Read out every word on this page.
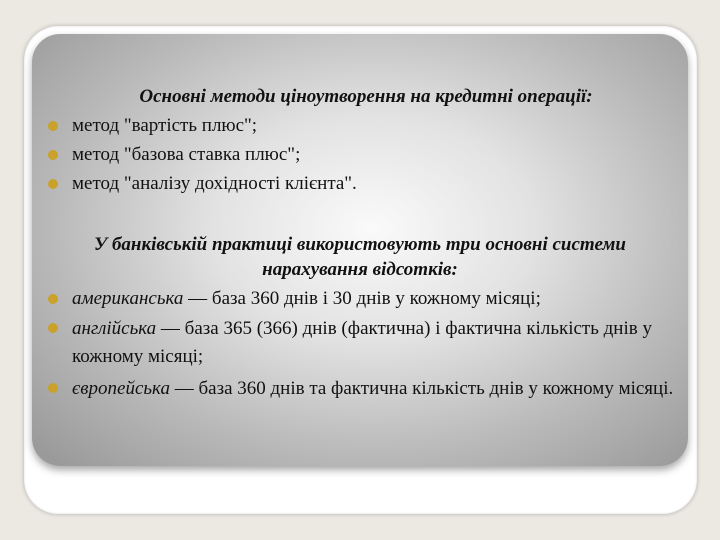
Основні методи ціноутворення на кредитні операції:

метод "вартість плюс";
метод "базова ставка плюс";
метод "аналізу дохідності клієнта".

У банківській практиці використовують три основні системи нарахування відсотків:

американська — база 360 днів і 30 днів у кожному місяці;
англійська — база 365 (366) днів (фактична) і фактична кількість днів у кожному місяці;
європейська — база 360 днів та фактична кількість днів у кожному місяці.
